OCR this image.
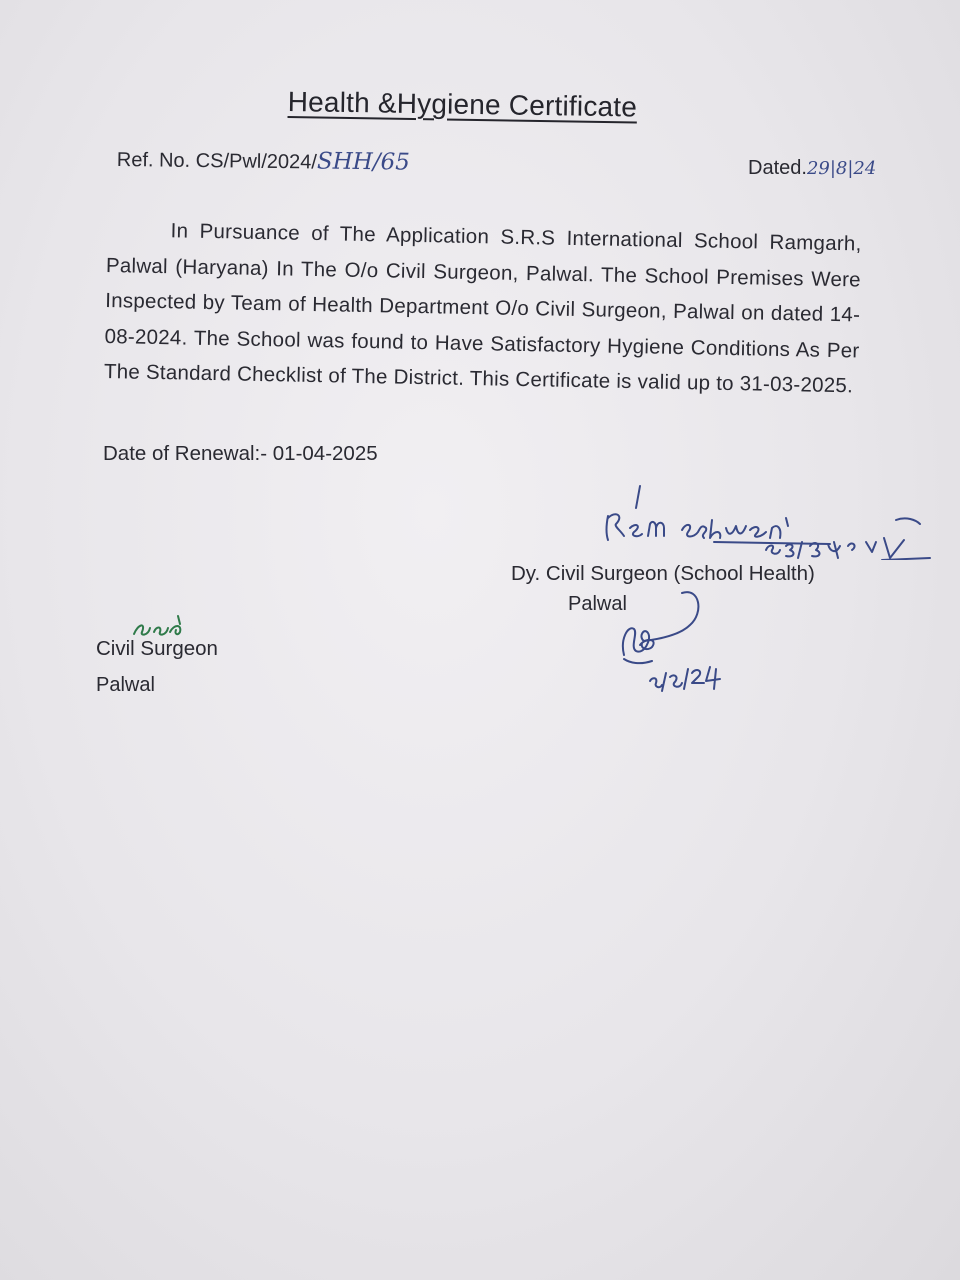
Health &Hygiene Certificate
Ref. No. CS/Pwl/2024/SHH/65	Dated.29|8|24
In Pursuance of The Application S.R.S International School Ramgarh, Palwal (Haryana) In The O/o Civil Surgeon, Palwal. The School Premises Were Inspected by Team of Health Department O/o Civil Surgeon, Palwal on dated 14-08-2024. The School was found to Have Satisfactory Hygiene Conditions As Per The Standard Checklist of The District. This Certificate is valid up to 31-03-2025.
Date of Renewal:- 01-04-2025
Dy. Civil Surgeon (School Health)
Palwal
Civil Surgeon
Palwal
